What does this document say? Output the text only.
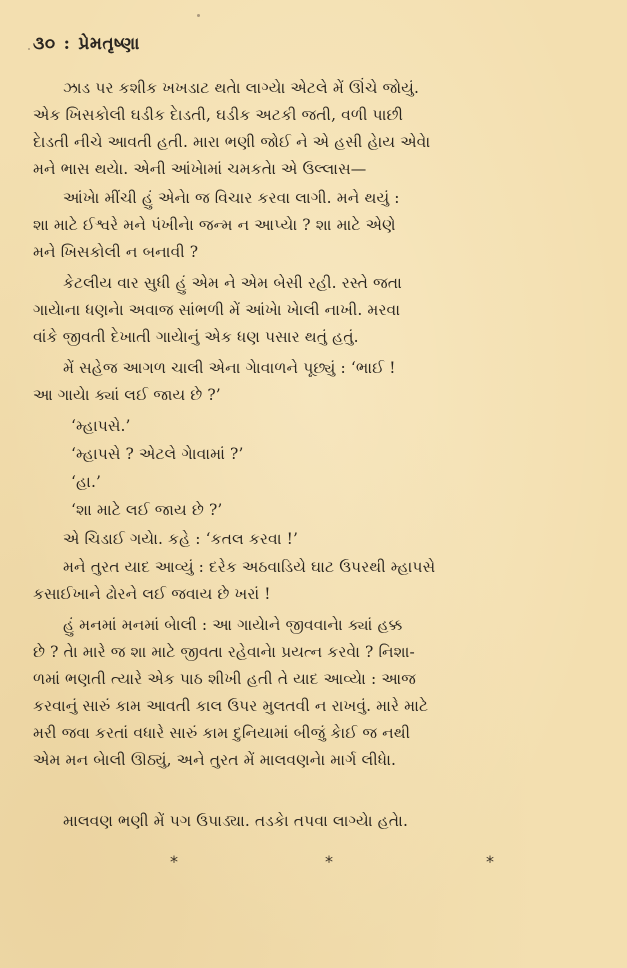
૩૦ : પ્રેમતૃષ્ણા
ઝાડ પર કશીક ખખડાટ થતેા લાગ્યેા એટલે મેં ઊંચે જોયું.
એક ખિસકોલી ઘડીક દેાડતી, ઘડીક અટકી જતી, વળી પાછી
દેાડતી નીચે આવતી હતી. મારા ભણી જોઈ ને એ હસી હેાય એવેા
મને ભાસ થયેા. એની આંખેામાં ચમકતેા એ ઉલ્લાસ—
આંખેા મીંચી હું એનેા જ વિચાર કરવા લાગી. મને થયું :
શા માટે ઈશ્વરે મને પંખીનેા જન્મ ન આપ્યેા ? શા માટે એણે
મને ખિસકોલી ન બનાવી ?
કેટલીય વાર સુધી હું એમ ને એમ બેસી રહી. રસ્તે જતા
ગાયેાના ધણનેા અવાજ સાંભળી મેં આંખેા ખેાલી નાખી. મરવા
વાંકે જીવતી દેખાતી ગાયેાનું એક ધણ પસાર થતું હતું.
મેં સહેજ આગળ ચાલી એના ગેાવાળને પૂછ્યું : ‘ભાઈ !
આ ગાયેા ક્યાં લઈ જાય છે ?’
‘મ્હાપસે.’
‘મ્હાપસે ? એટલે ગેાવામાં ?’
‘હા.’
‘શા માટે લઈ જાય છે ?’
એ ચિડાઈ ગયેા. કહે : ‘કતલ કરવા !’
મને તુરત યાદ આવ્યું : દરેક અઠવાડિયે ઘાટ ઉપરથી મ્હાપસે
કસાઈખાને ઢોરને લઈ જવાય છે ખરાં !
હું મનમાં મનમાં બેાલી : આ ગાયેાને જીવવાનેા ક્યાં હક્ક
છે ? તેા મારે જ શા માટે જીવતા રહેવાનેા પ્રયત્ન કરવેા ? નિશા-
ળમાં ભણતી ત્યારે એક પાઠ શીખી હતી તે યાદ આવ્યેા : આજ
કરવાનું સારું કામ આવતી કાલ ઉપર મુલતવી ન રાખવું. મારે માટે
મરી જવા કરતાં વધારે સારું કામ દુનિયામાં બીજું કેાઈ જ નથી
એમ મન બેાલી ઊઠ્યું, અને તુરત મેં માલવણનેા માર્ગ લીધેા.
માલવણ ભણી મેં પગ ઉપાડ્યા. તડકેા તપવા લાગ્યેા હતેા.
*	*	*
